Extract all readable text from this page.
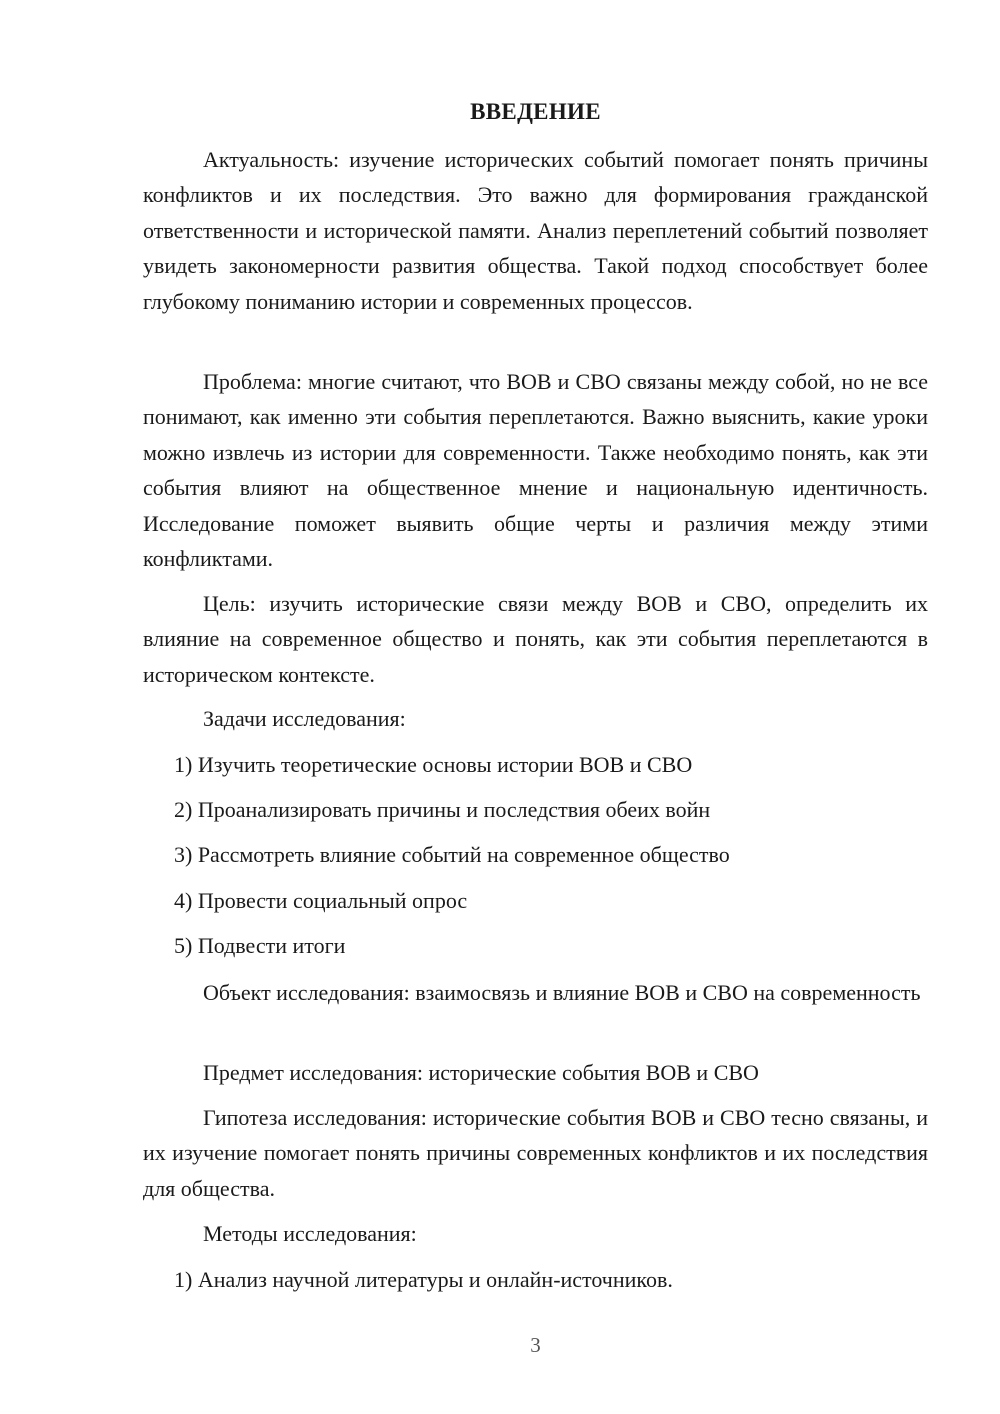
ВВЕДЕНИЕ

Актуальность: изучение исторических событий помогает понять причины конфликтов и их последствия. Это важно для формирования гражданской ответственности и исторической памяти. Анализ переплетений событий позволяет увидеть закономерности развития общества. Такой подход способствует более глубокому пониманию истории и современных процессов.

Проблема: многие считают, что ВОВ и СВО связаны между собой, но не все понимают, как именно эти события переплетаются. Важно выяснить, какие уроки можно извлечь из истории для современности. Также необходимо понять, как эти события влияют на общественное мнение и национальную идентичность. Исследование поможет выявить общие черты и различия между этими конфликтами.

Цель: изучить исторические связи между ВОВ и СВО, определить их влияние на современное общество и понять, как эти события переплетаются в историческом контексте.

Задачи исследования:

1) Изучить теоретические основы истории ВОВ и СВО

2) Проанализировать причины и последствия обеих войн

3) Рассмотреть влияние событий на современное общество

4) Провести социальный опрос

5) Подвести итоги

Объект исследования: взаимосвязь и влияние ВОВ и СВО на современность

Предмет исследования: исторические события ВОВ и СВО

Гипотеза исследования: исторические события ВОВ и СВО тесно связаны, и их изучение помогает понять причины современных конфликтов и их последствия для общества.

Методы исследования:

1) Анализ научной литературы и онлайн-источников.

3
